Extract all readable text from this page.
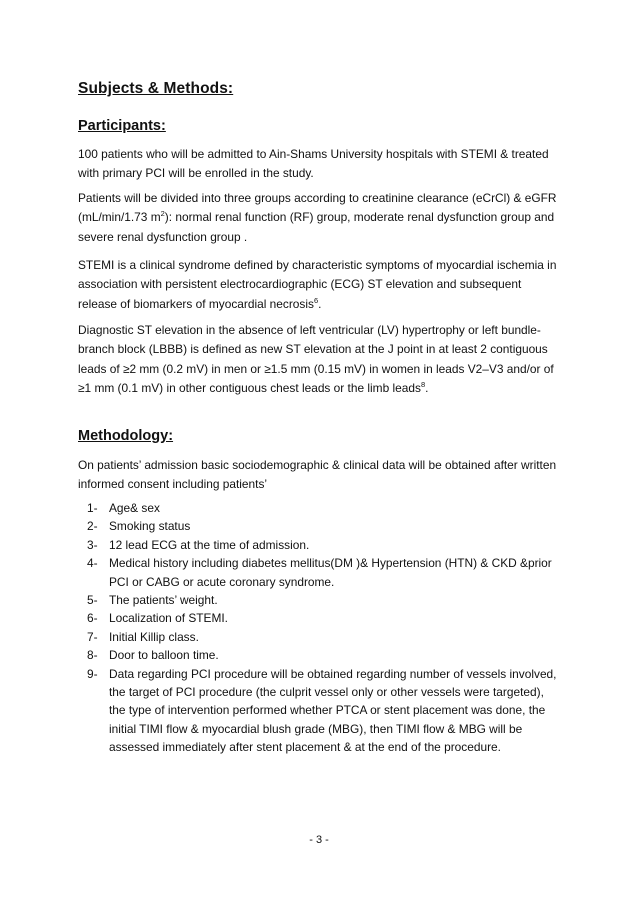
Subjects & Methods:
Participants:

100 patients who will be admitted to Ain-Shams University hospitals with STEMI & treated with primary PCI will be enrolled in the study.

Patients will be divided into three groups according to creatinine clearance (eCrCl) & eGFR (mL/min/1.73 $m^2$): normal renal function (RF) group, moderate renal dysfunction group and severe renal dysfunction group .

STEMI is a clinical syndrome defined by characteristic symptoms of myocardial ischemia in association with persistent electrocardiographic (ECG) ST elevation and subsequent release of biomarkers of myocardial necrosis$^6$.

Diagnostic ST elevation in the absence of left ventricular (LV) hypertrophy or left bundle-branch block (LBBB) is defined as new ST elevation at the J point in at least 2 contiguous leads of ≥2 mm (0.2 mV) in men or ≥1.5 mm (0.15 mV) in women in leads V2–V3 and/or of ≥1 mm (0.1 mV) in other contiguous chest leads or the limb leads$^8$.

Methodology:

On patients’ admission basic sociodemographic & clinical data will be obtained after written informed consent including patients’

1- Age& sex
2- Smoking status
3- 12 lead ECG at the time of admission.
4- Medical history including diabetes mellitus(DM )& Hypertension (HTN) & CKD &prior PCI or CABG or acute coronary syndrome.
5- The patients’ weight.
6- Localization of STEMI.
7- Initial Killip class.
8- Door to balloon time.
9- Data regarding PCI procedure will be obtained regarding number of vessels involved, the target of PCI procedure (the culprit vessel only or other vessels were targeted), the type of intervention performed whether PTCA or stent placement was done, the initial TIMI flow & myocardial blush grade (MBG), then TIMI flow & MBG will be assessed immediately after stent placement & at the end of the procedure.
- 3 -
